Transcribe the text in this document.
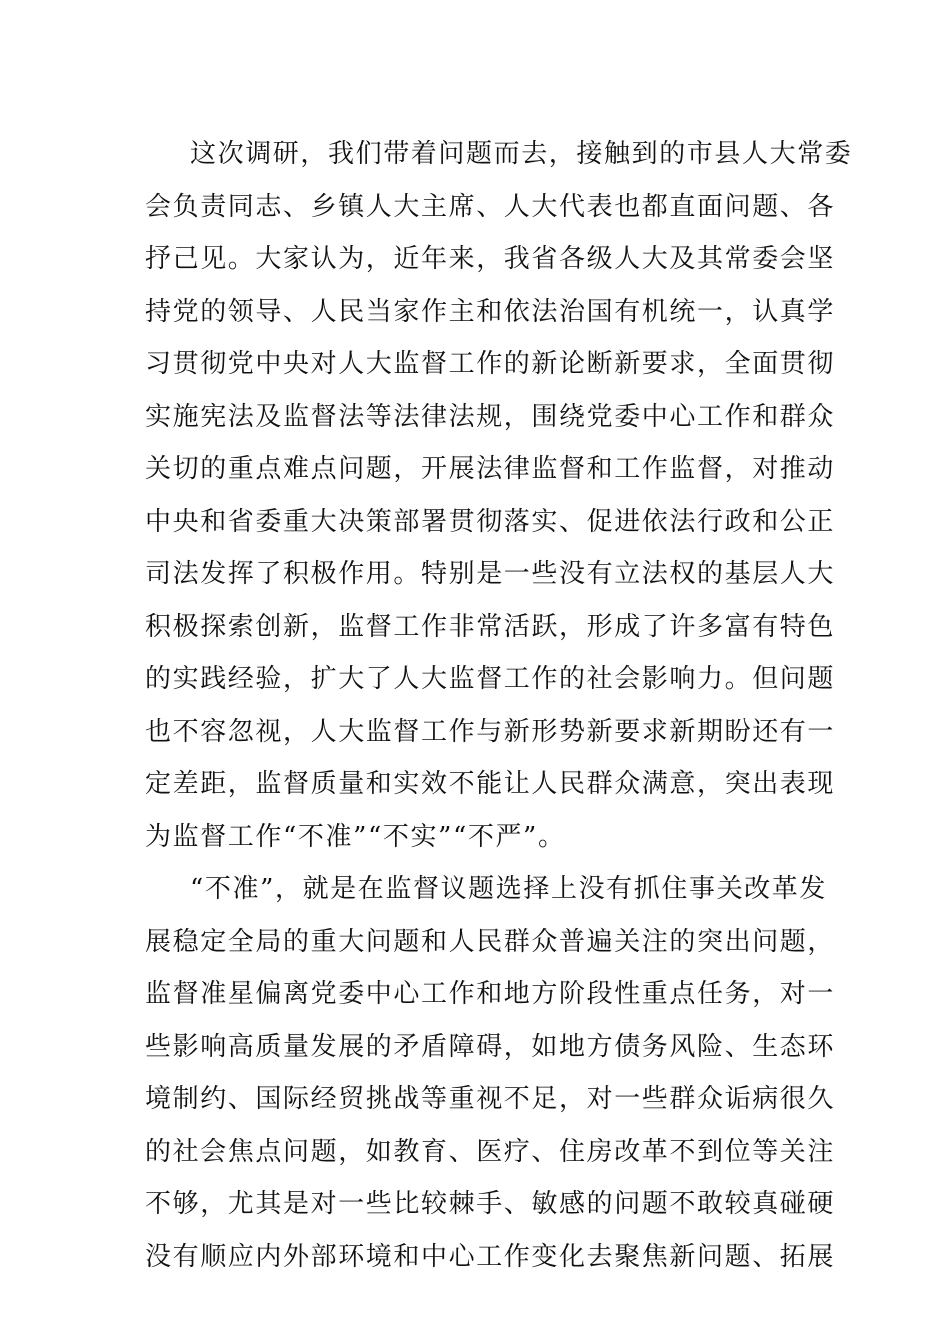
这次调研，我们带着问题而去，接触到的市县人大常委
会负责同志、乡镇人大主席、人大代表也都直面问题、各
抒己见。大家认为，近年来，我省各级人大及其常委会坚
持党的领导、人民当家作主和依法治国有机统一，认真学
习贯彻党中央对人大监督工作的新论断新要求，全面贯彻
实施宪法及监督法等法律法规，围绕党委中心工作和群众
关切的重点难点问题，开展法律监督和工作监督，对推动
中央和省委重大决策部署贯彻落实、促进依法行政和公正
司法发挥了积极作用。特别是一些没有立法权的基层人大
积极探索创新，监督工作非常活跃，形成了许多富有特色
的实践经验，扩大了人大监督工作的社会影响力。但问题
也不容忽视，人大监督工作与新形势新要求新期盼还有一
定差距，监督质量和实效不能让人民群众满意，突出表现
为监督工作“不准”“不实”“不严”。
“不准”，就是在监督议题选择上没有抓住事关改革发
展稳定全局的重大问题和人民群众普遍关注的突出问题，
监督准星偏离党委中心工作和地方阶段性重点任务，对一
些影响高质量发展的矛盾障碍，如地方债务风险、生态环
境制约、国际经贸挑战等重视不足，对一些群众诟病很久
的社会焦点问题，如教育、医疗、住房改革不到位等关注
不够，尤其是对一些比较棘手、敏感的问题不敢较真碰硬
没有顺应内外部环境和中心工作变化去聚焦新问题、拓展
